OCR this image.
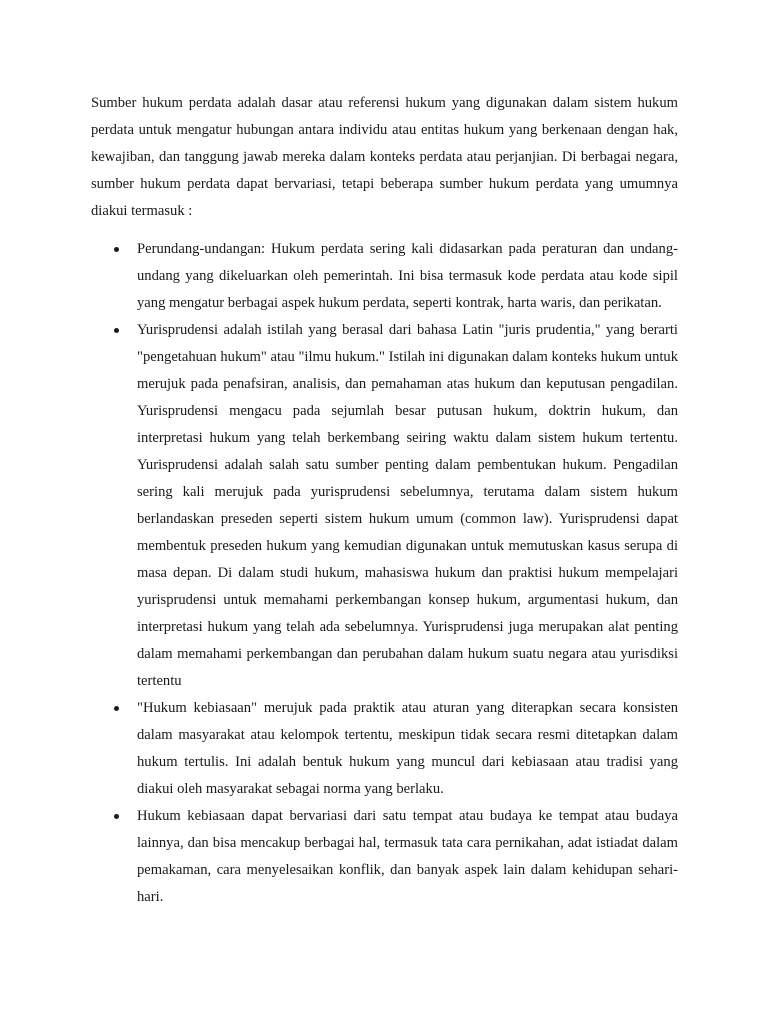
Sumber hukum perdata adalah dasar atau referensi hukum yang digunakan dalam sistem hukum perdata untuk mengatur hubungan antara individu atau entitas hukum yang berkenaan dengan hak, kewajiban, dan tanggung jawab mereka dalam konteks perdata atau perjanjian. Di berbagai negara, sumber hukum perdata dapat bervariasi, tetapi beberapa sumber hukum perdata yang umumnya diakui termasuk :

Perundang-undangan: Hukum perdata sering kali didasarkan pada peraturan dan undang-undang yang dikeluarkan oleh pemerintah. Ini bisa termasuk kode perdata atau kode sipil yang mengatur berbagai aspek hukum perdata, seperti kontrak, harta waris, dan perikatan.
Yurisprudensi adalah istilah yang berasal dari bahasa Latin "juris prudentia," yang berarti "pengetahuan hukum" atau "ilmu hukum." Istilah ini digunakan dalam konteks hukum untuk merujuk pada penafsiran, analisis, dan pemahaman atas hukum dan keputusan pengadilan. Yurisprudensi mengacu pada sejumlah besar putusan hukum, doktrin hukum, dan interpretasi hukum yang telah berkembang seiring waktu dalam sistem hukum tertentu. Yurisprudensi adalah salah satu sumber penting dalam pembentukan hukum. Pengadilan sering kali merujuk pada yurisprudensi sebelumnya, terutama dalam sistem hukum berlandaskan preseden seperti sistem hukum umum (common law). Yurisprudensi dapat membentuk preseden hukum yang kemudian digunakan untuk memutuskan kasus serupa di masa depan. Di dalam studi hukum, mahasiswa hukum dan praktisi hukum mempelajari yurisprudensi untuk memahami perkembangan konsep hukum, argumentasi hukum, dan interpretasi hukum yang telah ada sebelumnya. Yurisprudensi juga merupakan alat penting dalam memahami perkembangan dan perubahan dalam hukum suatu negara atau yurisdiksi tertentu
"Hukum kebiasaan" merujuk pada praktik atau aturan yang diterapkan secara konsisten dalam masyarakat atau kelompok tertentu, meskipun tidak secara resmi ditetapkan dalam hukum tertulis. Ini adalah bentuk hukum yang muncul dari kebiasaan atau tradisi yang diakui oleh masyarakat sebagai norma yang berlaku.
Hukum kebiasaan dapat bervariasi dari satu tempat atau budaya ke tempat atau budaya lainnya, dan bisa mencakup berbagai hal, termasuk tata cara pernikahan, adat istiadat dalam pemakaman, cara menyelesaikan konflik, dan banyak aspek lain dalam kehidupan sehari-hari.
